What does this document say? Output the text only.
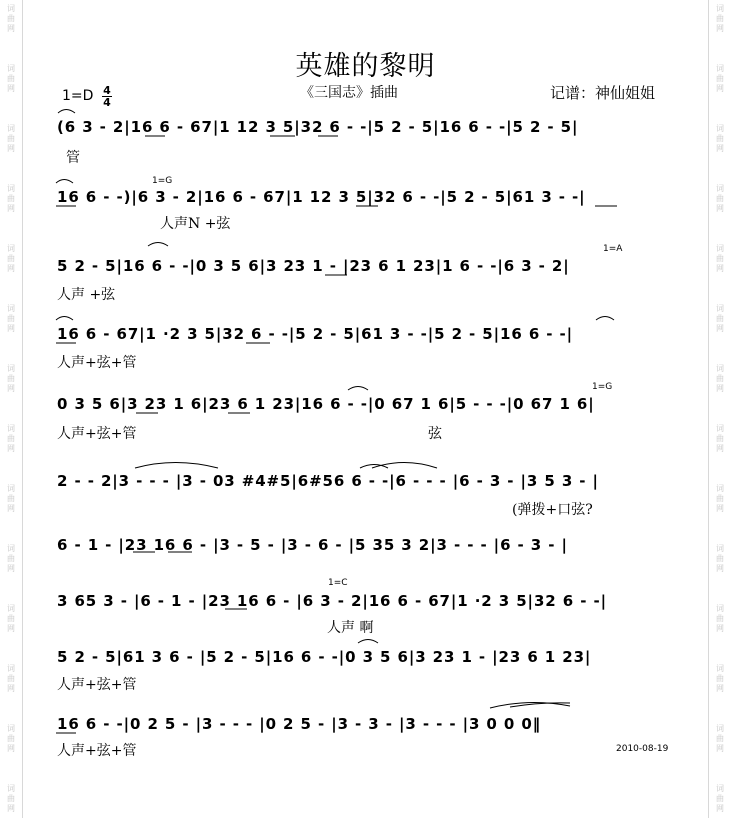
词
曲
网
词
曲
网
词
曲
网
词
曲
网
词
曲
网
词
曲
网
词
曲
网
词
曲
网
词
曲
网
词
曲
网
词
曲
网
词
曲
网
词
曲
网
词
曲
网
词
曲
网
词
曲
网
词
曲
网
词
曲
网
词
曲
网
词
曲
网
词
曲
网
词
曲
网
词
曲
网
词
曲
网
词
曲
网
词
曲
网
词
曲
网
词
曲
网
英雄的黎明
1=D 4
4
《三国志》插曲	记谱：神仙姐姐
(6 3 - 2|16 6 - 67|1 12 3 5|32 6 - -|5 2 - 5|16 6 - -|5 2 - 5|
管
16 6 - -)|6 3 - 2|16 6 - 67|1 12 3 5|32 6 - -|5 2 - 5|61 3 - -|
1=G
人声N +弦
5 2 - 5|16 6 - -|0 3 5 6|3 23 1 - |23 6 1 23|1 6 - -|6 3 - 2|
1=A
人声 +弦
16 6 - 67|1 ·2 3 5|32 6 - -|5 2 - 5|61 3 - -|5 2 - 5|16 6 - -|
人声+弦+管
0 3 5 6|3 23 1 6|23 6 1 23|16 6 - -|0 67 1 6|5 - - -|0 67 1 6|
1=G
人声+弦+管	弦
2 - - 2|3 - - - |3 - 03 #4#5|6#56 6 - -|6 - - - |6 - 3 - |3 5 3 - |
(弹拨+口弦?
6 - 1 - |23 16 6 - |3 - 5 - |3 - 6 - |5 35 3 2|3 - - - |6 - 3 - |
3 65 3 - |6 - 1 - |23 16 6 - |6 3 - 2|16 6 - 67|1 ·2 3 5|32 6 - -|
1=C
人声 啊
5 2 - 5|61 3 6 - |5 2 - 5|16 6 - -|0 3 5 6|3 23 1 - |23 6 1 23|
人声+弦+管
16 6 - -|0 2 5 - |3 - - - |0 2 5 - |3 - 3 - |3 - - - |3 0 0 0‖
人声+弦+管	2010-08-19
